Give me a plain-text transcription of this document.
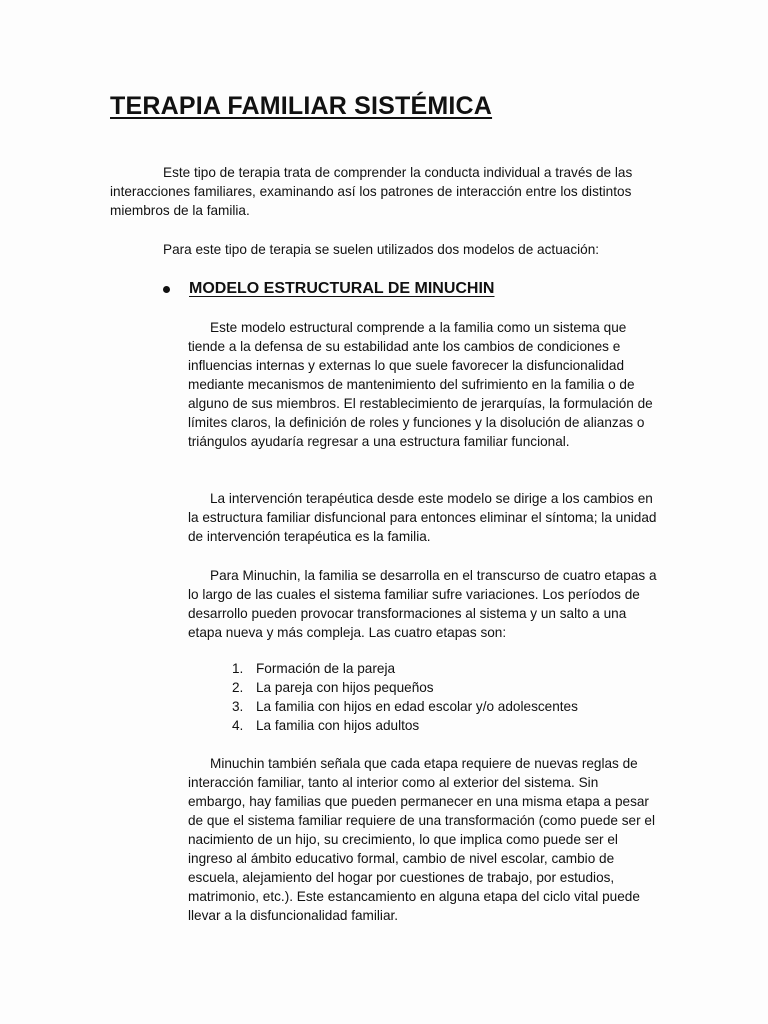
TERAPIA FAMILIAR SISTÉMICA

Este tipo de terapia trata de comprender la conducta individual a través de las interacciones familiares, examinando así los patrones de interacción entre los distintos miembros de la familia.

Para este tipo de terapia se suelen utilizados dos modelos de actuación:

MODELO ESTRUCTURAL DE MINUCHIN

Este modelo estructural comprende a la familia como un sistema que tiende a la defensa de su estabilidad ante los cambios de condiciones e influencias internas y externas lo que suele favorecer la disfuncionalidad mediante mecanismos de mantenimiento del sufrimiento en la familia o de alguno de sus miembros. El restablecimiento de jerarquías, la formulación de límites claros, la definición de roles y funciones y la disolución de alianzas o triángulos ayudaría regresar a una estructura familiar funcional.

La intervención terapéutica desde este modelo se dirige a los cambios en la estructura familiar disfuncional para entonces eliminar el síntoma; la unidad de intervención terapéutica es la familia.

Para Minuchin, la familia se desarrolla en el transcurso de cuatro etapas a lo largo de las cuales el sistema familiar sufre variaciones. Los períodos de desarrollo pueden provocar transformaciones al sistema y un salto a una etapa nueva y más compleja. Las cuatro etapas son:

1. Formación de la pareja
2. La pareja con hijos pequeños
3. La familia con hijos en edad escolar y/o adolescentes
4. La familia con hijos adultos

Minuchin también señala que cada etapa requiere de nuevas reglas de interacción familiar, tanto al interior como al exterior del sistema. Sin embargo, hay familias que pueden permanecer en una misma etapa a pesar de que el sistema familiar requiere de una transformación (como puede ser el nacimiento de un hijo, su crecimiento, lo que implica como puede ser el ingreso al ámbito educativo formal, cambio de nivel escolar, cambio de escuela, alejamiento del hogar por cuestiones de trabajo, por estudios, matrimonio, etc.). Este estancamiento en alguna etapa del ciclo vital puede llevar a la disfuncionalidad familiar.
